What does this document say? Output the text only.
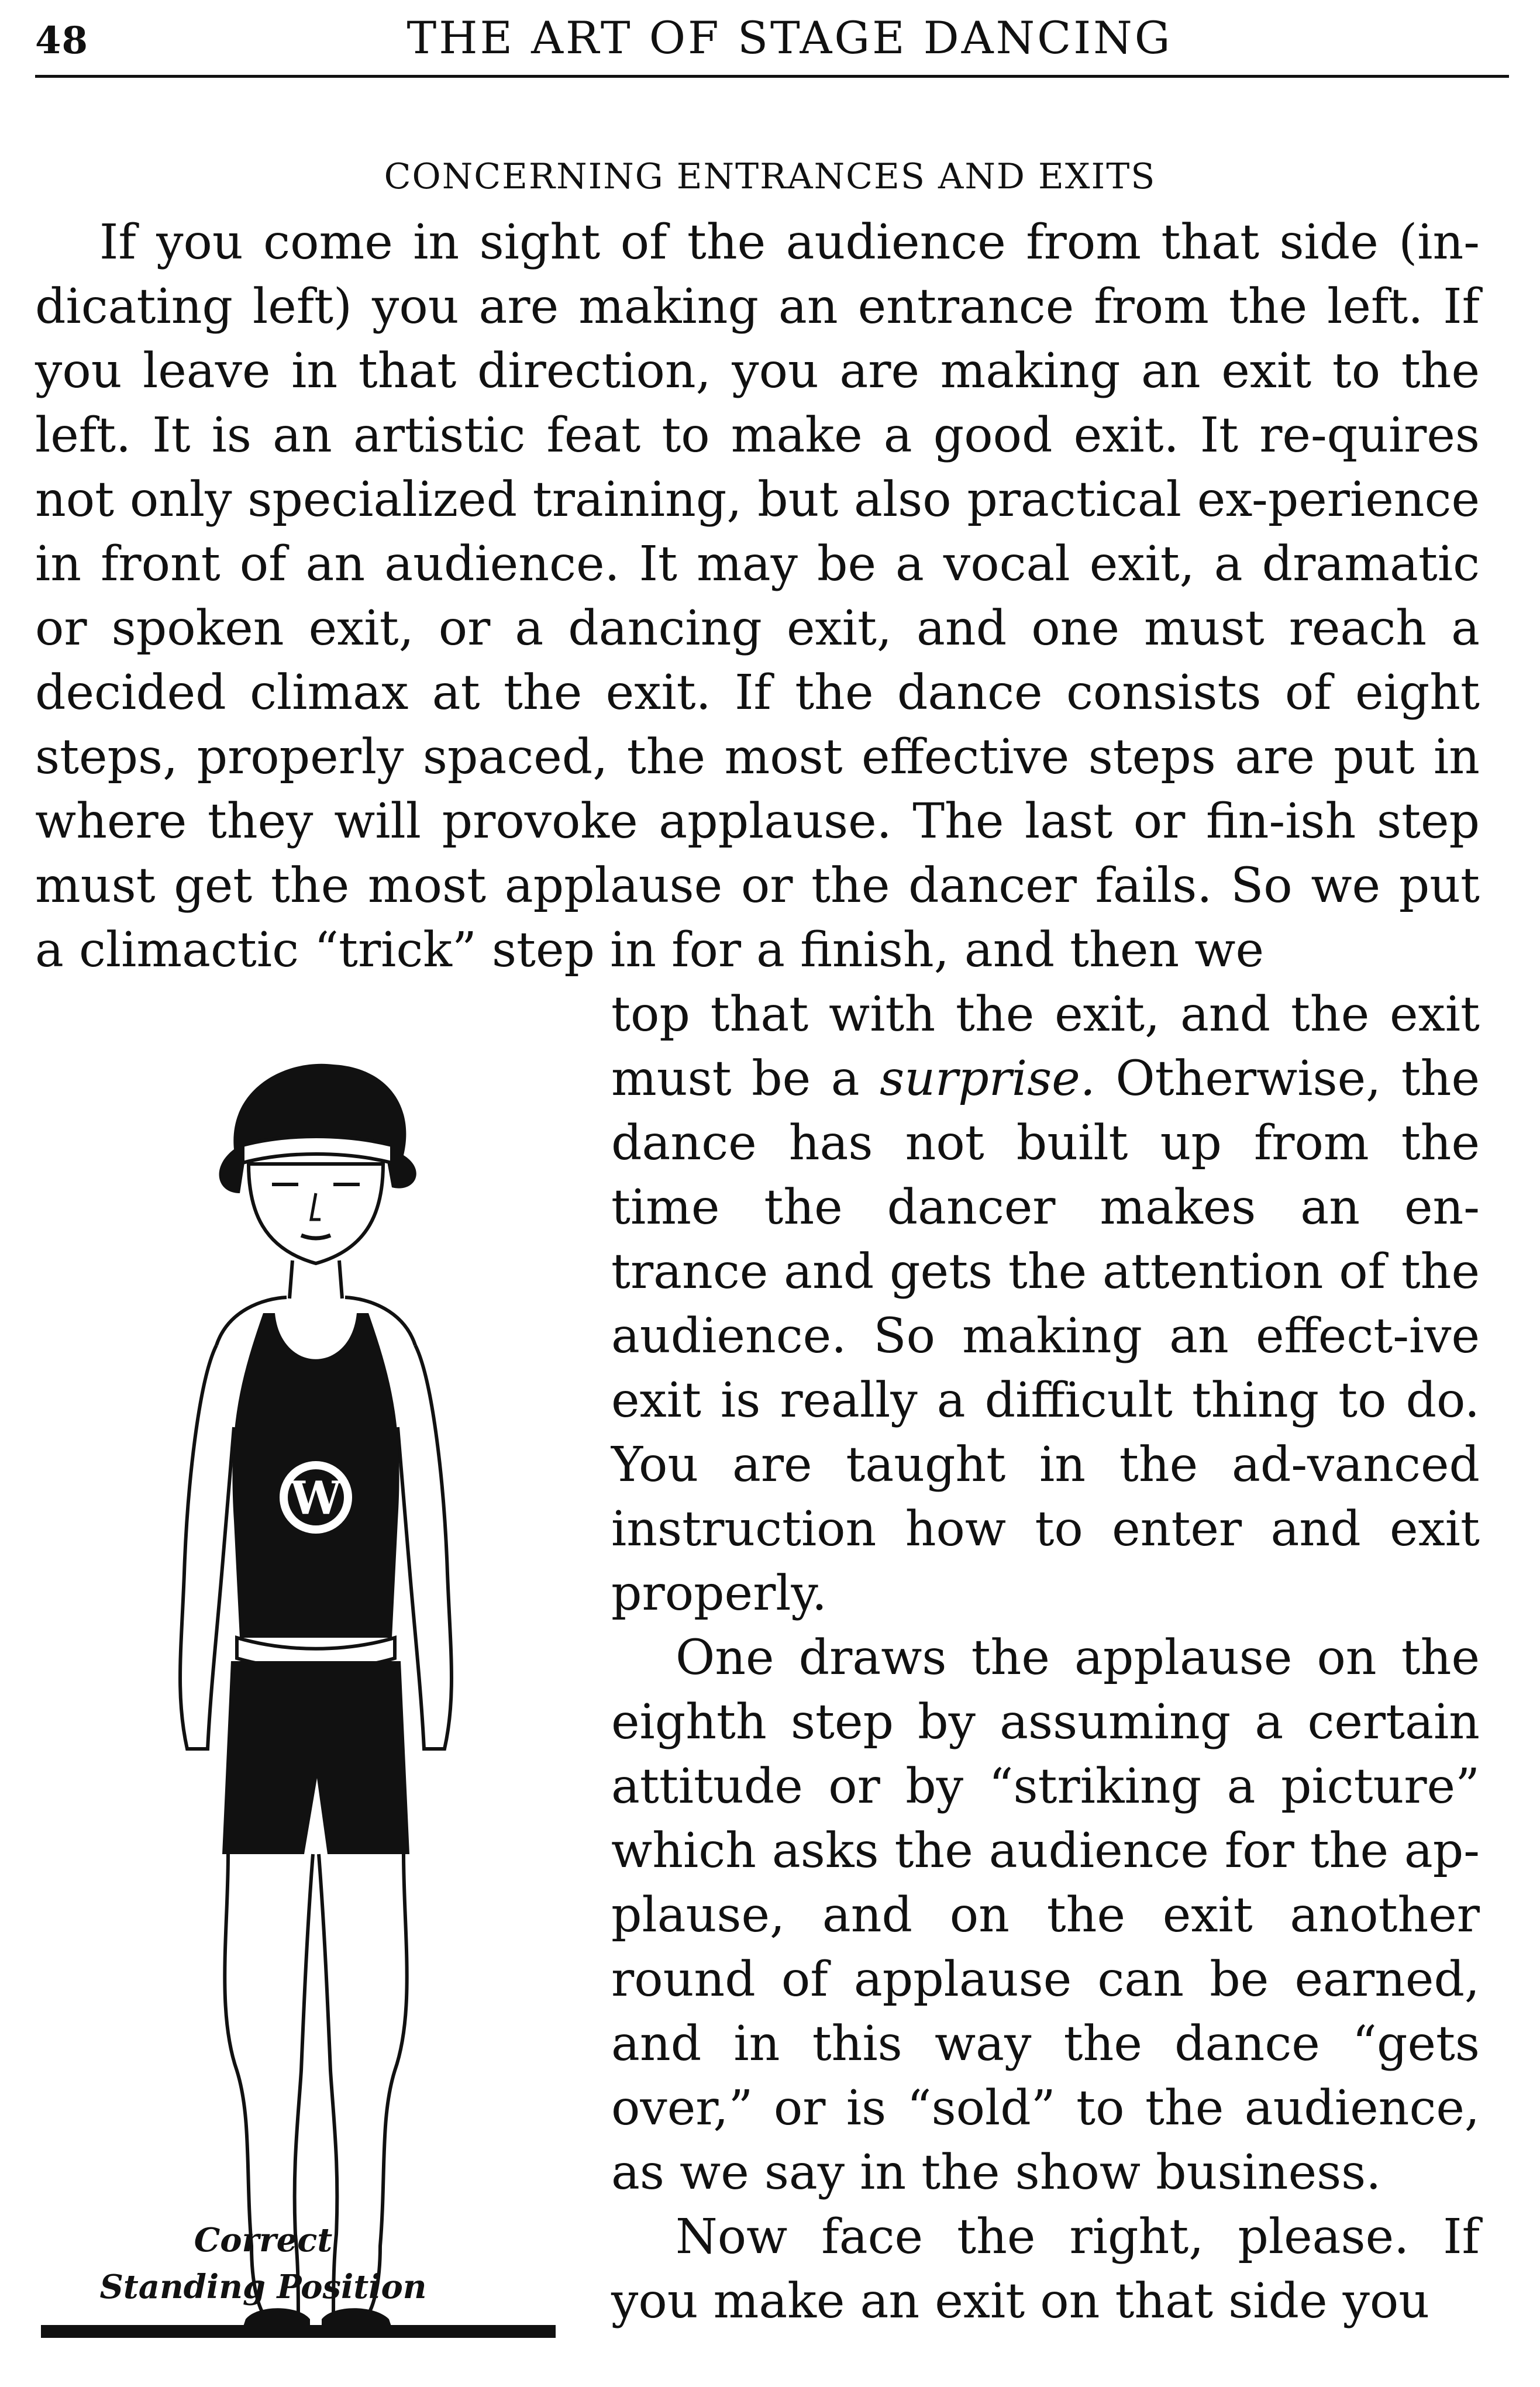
48	THE ART OF STAGE DANCING
CONCERNING ENTRANCES AND EXITS

If you come in sight of the audience from that side (in-dicating left) you are making an entrance from the left. If you leave in that direction, you are making an exit to the left. It is an artistic feat to make a good exit. It re-quires not only specialized training, but also practical ex-perience in front of an audience. It may be a vocal exit, a dramatic or spoken exit, or a dancing exit, and one must reach a decided climax at the exit. If the dance consists of eight steps, properly spaced, the most effective steps are put in where they will provoke applause. The last or fin-ish step must get the most applause or the dancer fails. So we put a climactic “trick” step in for a finish, and then we

top that with the exit, and the exit must be a surprise. Otherwise, the dance has not built up from the time the dancer makes an en-trance and gets the attention of the audience. So making an effect-ive exit is really a difficult thing to do. You are taught in the ad-vanced instruction how to enter and exit properly.

One draws the applause on the eighth step by assuming a certain attitude or by “striking a picture” which asks the audience for the ap-plause, and on the exit another round of applause can be earned, and in this way the dance “gets over,” or is “sold” to the audience, as we say in the show business.

Now face the right, please. If you make an exit on that side you

W
Correct
Standing Position
